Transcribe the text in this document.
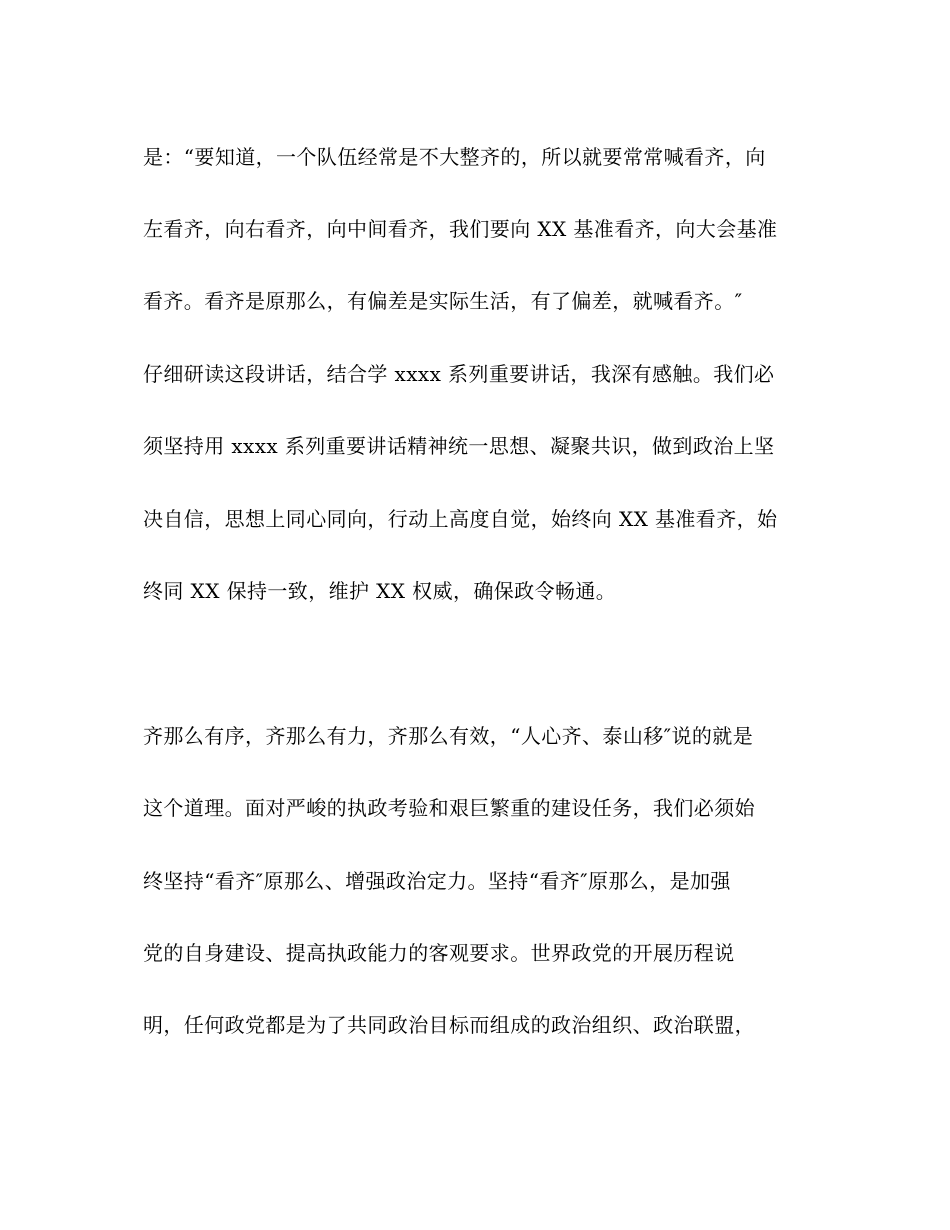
是：“要知道，一个队伍经常是不大整齐的，所以就要常常喊看齐，向
左看齐，向右看齐，向中间看齐，我们要向 XX 基准看齐，向大会基准
看齐。看齐是原那么，有偏差是实际生活，有了偏差，就喊看齐。″
仔细研读这段讲话，结合学 xxxx 系列重要讲话，我深有感触。我们必
须坚持用 xxxx 系列重要讲话精神统一思想、凝聚共识，做到政治上坚
决自信，思想上同心同向，行动上高度自觉，始终向 XX 基准看齐，始
终同 XX 保持一致，维护 XX 权威，确保政令畅通。
齐那么有序，齐那么有力，齐那么有效，“人心齐、泰山移″说的就是
这个道理。面对严峻的执政考验和艰巨繁重的建设任务，我们必须始
终坚持“看齐″原那么、增强政治定力。坚持“看齐″原那么，是加强
党的自身建设、提高执政能力的客观要求。世界政党的开展历程说
明，任何政党都是为了共同政治目标而组成的政治组织、政治联盟，
